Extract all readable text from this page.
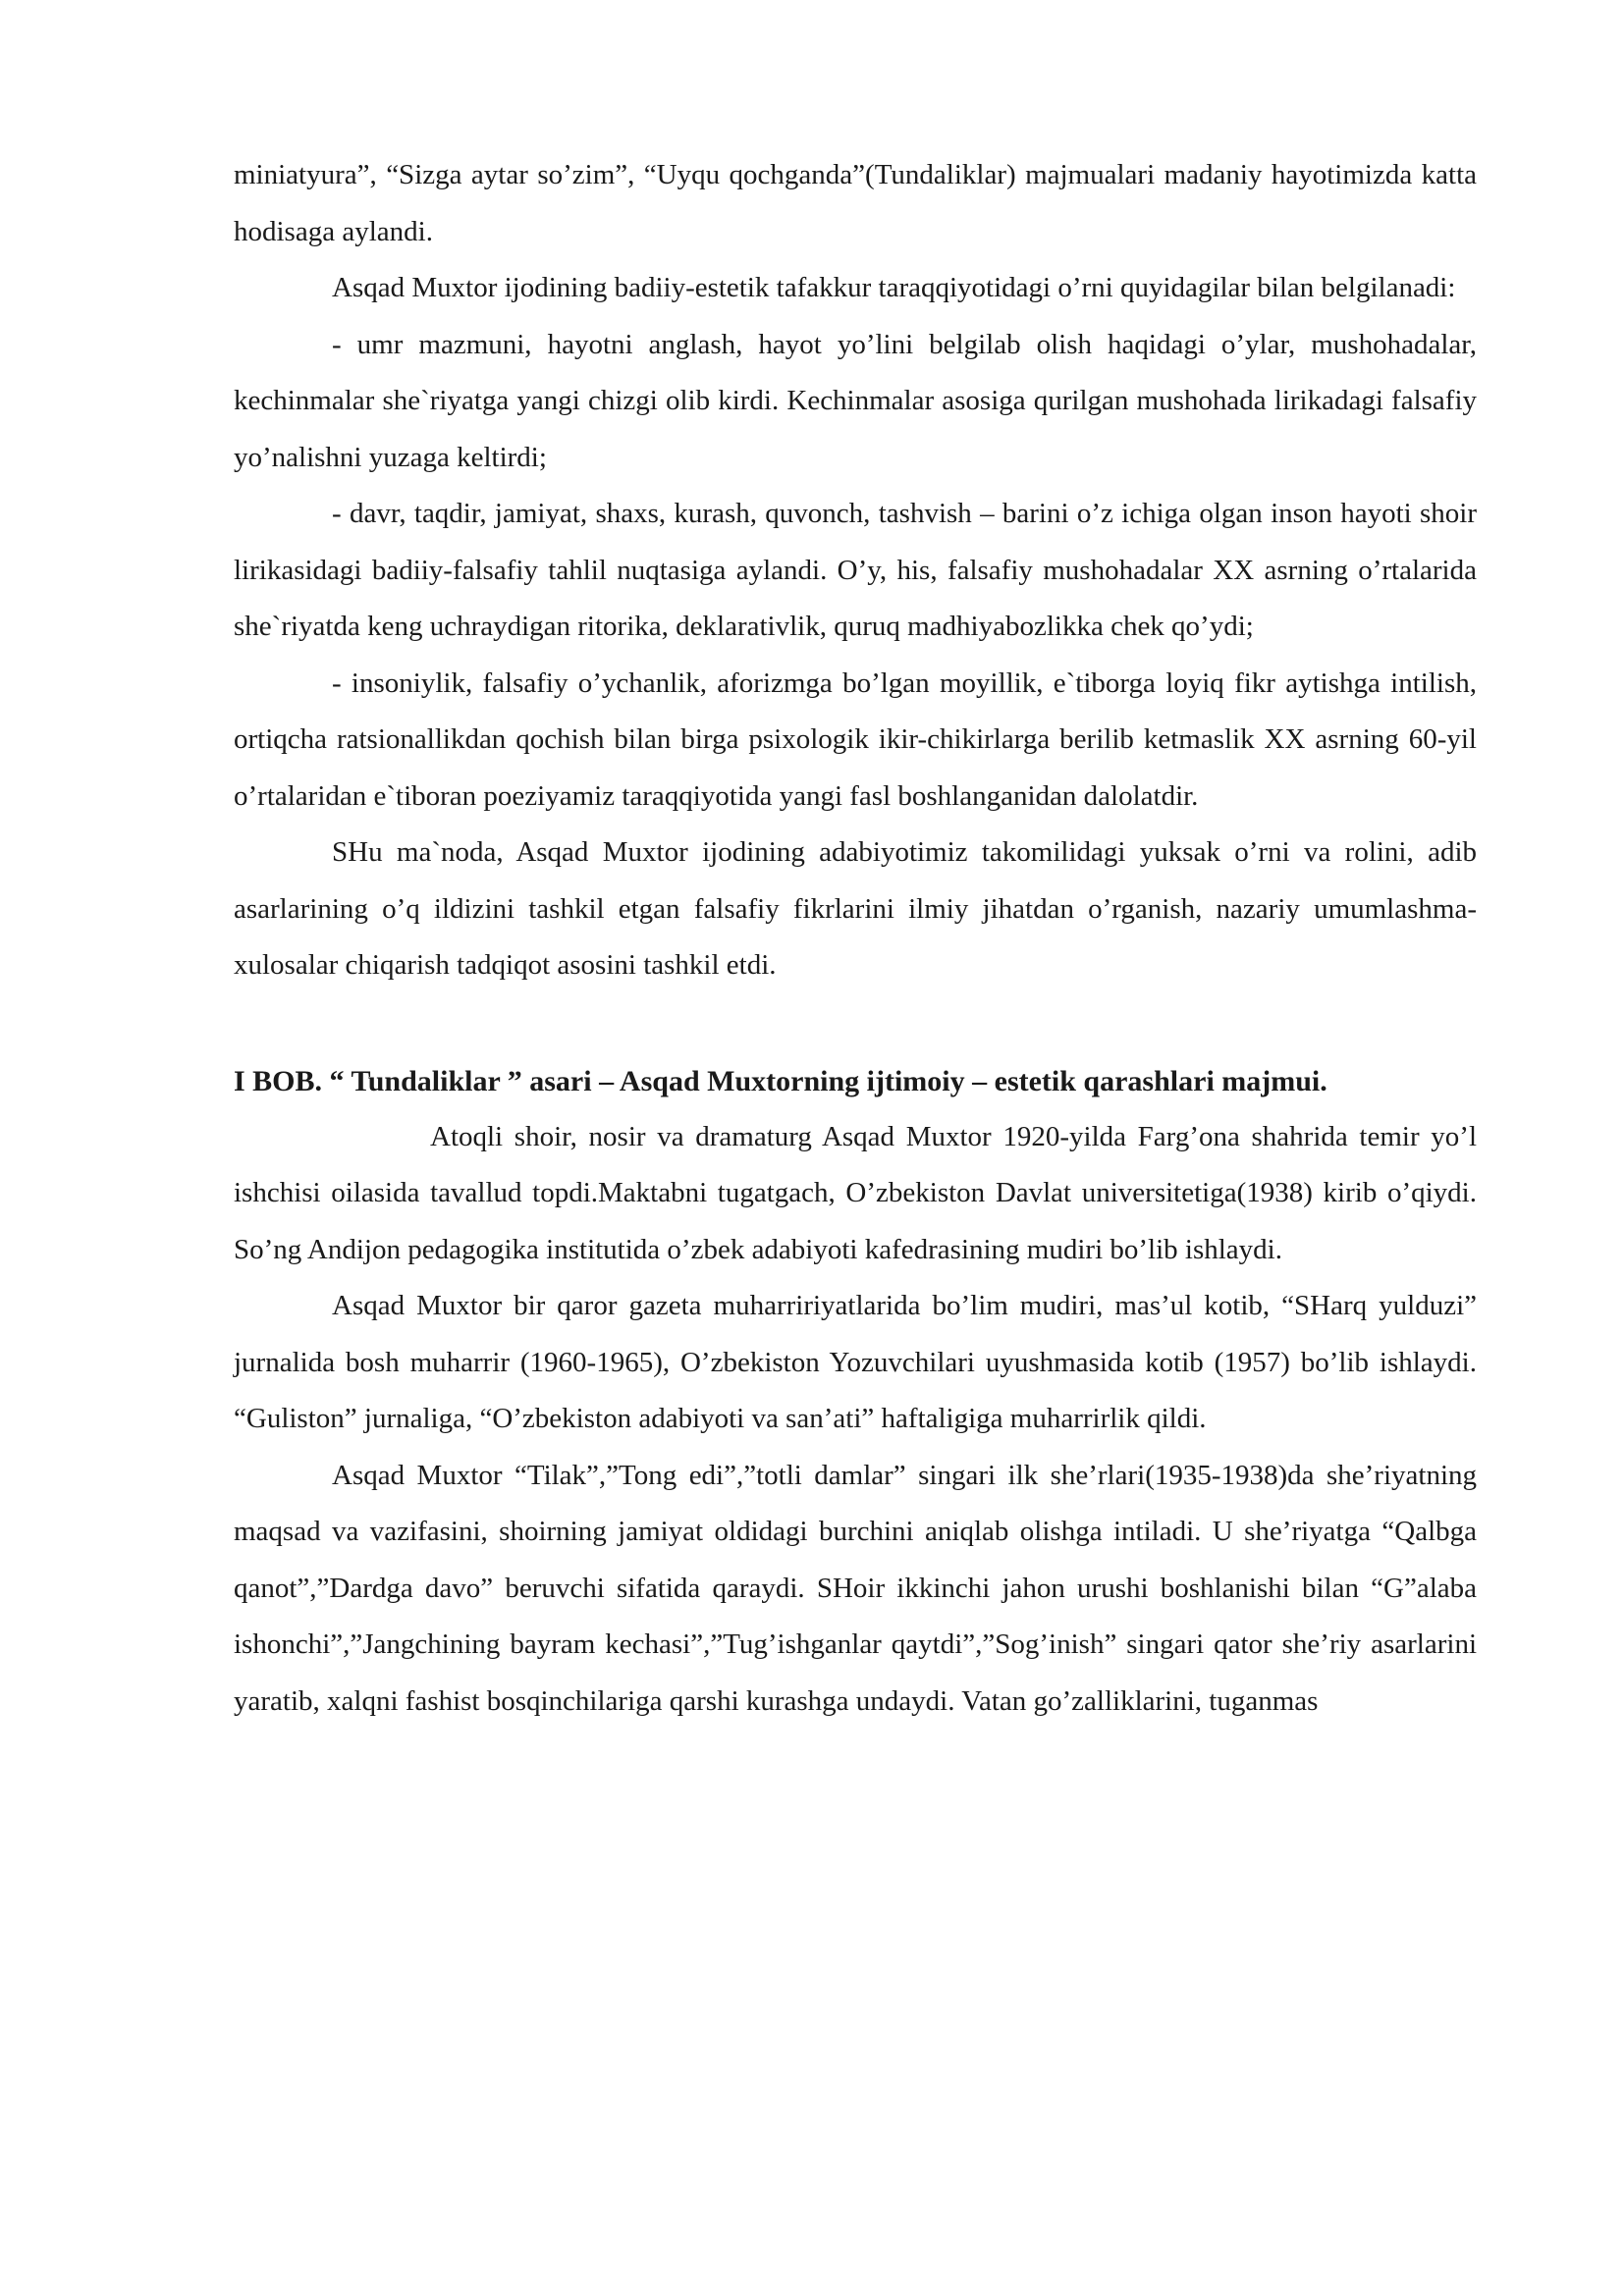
miniatyura”, “Sizga aytar so’zim”, “Uyqu qochganda”(Tundaliklar) majmualari madaniy hayotimizda katta hodisaga aylandi.

Asqad Muxtor ijodining badiiy-estetik tafakkur taraqqiyotidagi o’rni quyidagilar bilan belgilanadi:

- umr mazmuni, hayotni anglash, hayot yo’lini belgilab olish haqidagi o’ylar, mushohadalar, kechinmalar she`riyatga yangi chizgi olib kirdi. Kechinmalar asosiga qurilgan mushohada lirikadagi falsafiy yo’nalishni yuzaga keltirdi;

- davr, taqdir, jamiyat, shaxs, kurash, quvonch, tashvish – barini o’z ichiga olgan inson hayoti shoir lirikasidagi badiiy-falsafiy tahlil nuqtasiga aylandi. O’y, his, falsafiy mushohadalar XX asrning o’rtalarida she`riyatda keng uchraydigan ritorika, deklarativlik, quruq madhiyabozlikka chek qo’ydi;

- insoniylik, falsafiy o’ychanlik, aforizmga bo’lgan moyillik, e`tiborga loyiq fikr aytishga intilish, ortiqcha ratsionallikdan qochish bilan birga psixologik ikir-chikirlarga berilib ketmaslik XX asrning 60-yil o’rtalaridan e`tiboran poeziyamiz taraqqiyotida yangi fasl boshlanganidan dalolatdir.

SHu ma`noda, Asqad Muxtor ijodining adabiyotimiz takomilidagi yuksak o’rni va rolini, adib asarlarining o’q ildizini tashkil etgan falsafiy fikrlarini ilmiy jihatdan o’rganish, nazariy umumlashma-xulosalar chiqarish tadqiqot asosini tashkil etdi.

I BOB. “ Tundaliklar ” asari – Asqad Muxtorning ijtimoiy – estetik qarashlari majmui.

Atoqli shoir, nosir va dramaturg Asqad Muxtor 1920-yilda Farg’ona shahrida temir yo’l ishchisi oilasida tavallud topdi.Maktabni tugatgach, O’zbekiston Davlat universitetiga(1938) kirib o’qiydi. So’ng Andijon pedagogika institutida o’zbek adabiyoti kafedrasining mudiri bo’lib ishlaydi.

Asqad Muxtor bir qaror gazeta muharririyatlarida bo’lim mudiri, mas’ul kotib, “SHarq yulduzi” jurnalida bosh muharrir (1960-1965), O’zbekiston Yozuvchilari uyushmasida kotib (1957) bo’lib ishlaydi. “Guliston” jurnaliga, “O’zbekiston adabiyoti va san’ati” haftaligiga muharrirlik qildi.

Asqad Muxtor “Tilak”,”Tong edi”,”totli damlar” singari ilk she’rlari(1935-1938)da she’riyatning maqsad va vazifasini, shoirning jamiyat oldidagi burchini aniqlab olishga intiladi. U she’riyatga “Qalbga qanot”,”Dardga davo” beruvchi sifatida qaraydi. SHoir ikkinchi jahon urushi boshlanishi bilan “G”alaba ishonchi”,”Jangchining bayram kechasi”,”Tug’ishganlar qaytdi”,”Sog’inish” singari qator she’riy asarlarini yaratib, xalqni fashist bosqinchilariga qarshi kurashga undaydi. Vatan go’zalliklarini, tuganmas
